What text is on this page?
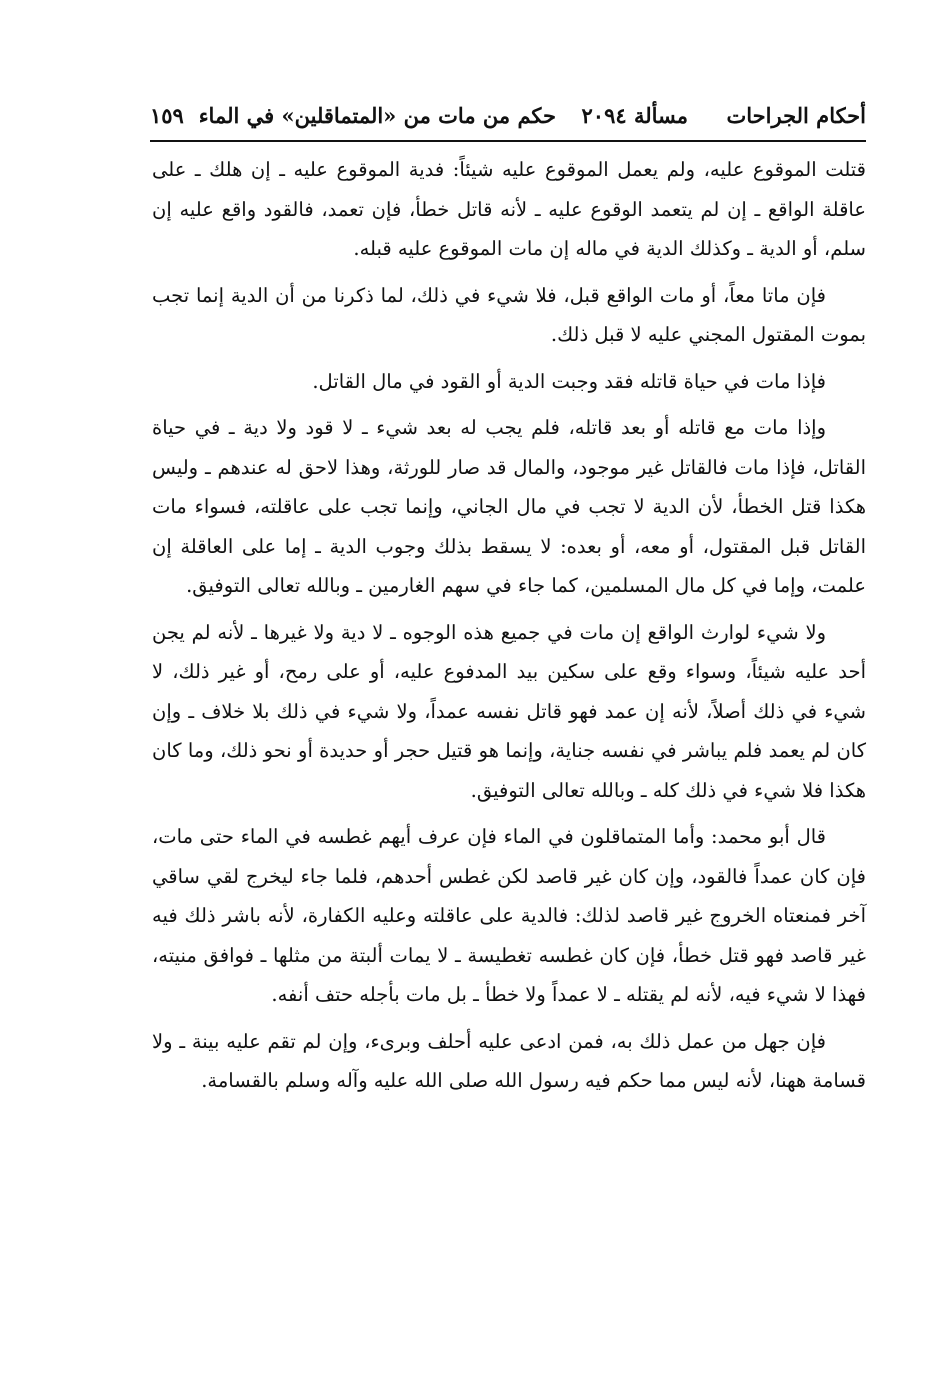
أحكام الجراحات
مسألة ٢٠٩٤
حكم من مات من «المتماقلين» في الماء
١٥٩

قتلت الموقوع عليه، ولم يعمل الموقوع عليه شيئاً: فدية الموقوع عليه ـ إن هلك ـ على عاقلة الواقع ـ إن لم يتعمد الوقوع عليه ـ لأنه قاتل خطأ، فإن تعمد، فالقود واقع عليه إن سلم، أو الدية ـ وكذلك الدية في ماله إن مات الموقوع عليه قبله.

فإن ماتا معاً، أو مات الواقع قبل، فلا شيء في ذلك، لما ذكرنا من أن الدية إنما تجب بموت المقتول المجني عليه لا قبل ذلك.

فإذا مات في حياة قاتله فقد وجبت الدية أو القود في مال القاتل.

وإذا مات مع قاتله أو بعد قاتله، فلم يجب له بعد شيء ـ لا قود ولا دية ـ في حياة القاتل، فإذا مات فالقاتل غير موجود، والمال قد صار للورثة، وهذا لاحق له عندهم ـ وليس هكذا قتل الخطأ، لأن الدية لا تجب في مال الجاني، وإنما تجب على عاقلته، فسواء مات القاتل قبل المقتول، أو معه، أو بعده: لا يسقط بذلك وجوب الدية ـ إما على العاقلة إن علمت، وإما في كل مال المسلمين، كما جاء في سهم الغارمين ـ وبالله تعالى التوفيق.

ولا شيء لوارث الواقع إن مات في جميع هذه الوجوه ـ لا دية ولا غيرها ـ لأنه لم يجن أحد عليه شيئاً، وسواء وقع على سكين بيد المدفوع عليه، أو على رمح، أو غير ذلك، لا شيء في ذلك أصلاً، لأنه إن عمد فهو قاتل نفسه عمداً، ولا شيء في ذلك بلا خلاف ـ وإن كان لم يعمد فلم يباشر في نفسه جناية، وإنما هو قتيل حجر أو حديدة أو نحو ذلك، وما كان هكذا فلا شيء في ذلك كله ـ وبالله تعالى التوفيق.

قال أبو محمد: وأما المتماقلون في الماء فإن عرف أيهم غطسه في الماء حتى مات، فإن كان عمداً فالقود، وإن كان غير قاصد لكن غطس أحدهم، فلما جاء ليخرج لقي ساقي آخر فمنعتاه الخروج غير قاصد لذلك: فالدية على عاقلته وعليه الكفارة، لأنه باشر ذلك فيه غير قاصد فهو قتل خطأ، فإن كان غطسه تغطيسة ـ لا يمات ألبتة من مثلها ـ فوافق منيته، فهذا لا شيء فيه، لأنه لم يقتله ـ لا عمداً ولا خطأ ـ بل مات بأجله حتف أنفه.

فإن جهل من عمل ذلك به، فمن ادعى عليه أحلف وبرىء، وإن لم تقم عليه بينة ـ ولا قسامة ههنا، لأنه ليس مما حكم فيه رسول الله صلى الله عليه وآله وسلم بالقسامة.
